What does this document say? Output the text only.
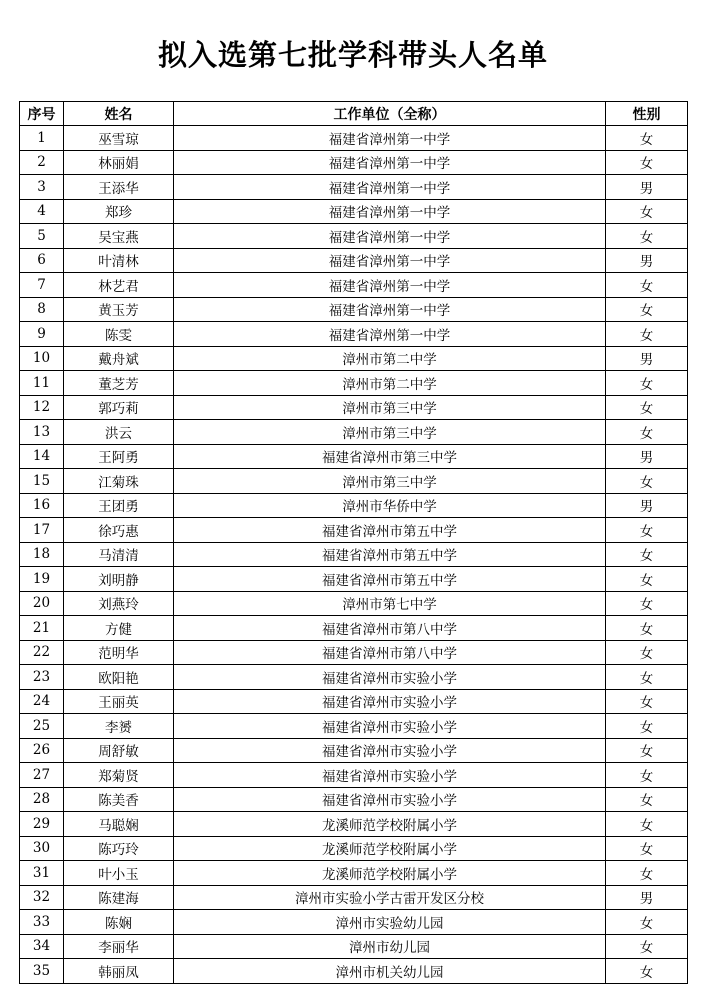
拟入选第七批学科带头人名单
序号	姓名	工作单位（全称）	性别
1	巫雪琼	福建省漳州第一中学	女
2	林丽娟	福建省漳州第一中学	女
3	王添华	福建省漳州第一中学	男
4	郑珍	福建省漳州第一中学	女
5	吴宝燕	福建省漳州第一中学	女
6	叶清林	福建省漳州第一中学	男
7	林艺君	福建省漳州第一中学	女
8	黄玉芳	福建省漳州第一中学	女
9	陈雯	福建省漳州第一中学	女
10	戴舟斌	漳州市第二中学	男
11	董芝芳	漳州市第二中学	女
12	郭巧莉	漳州市第三中学	女
13	洪云	漳州市第三中学	女
14	王阿勇	福建省漳州市第三中学	男
15	江菊珠	漳州市第三中学	女
16	王团勇	漳州市华侨中学	男
17	徐巧惠	福建省漳州市第五中学	女
18	马清清	福建省漳州市第五中学	女
19	刘明静	福建省漳州市第五中学	女
20	刘燕玲	漳州市第七中学	女
21	方健	福建省漳州市第八中学	女
22	范明华	福建省漳州市第八中学	女
23	欧阳艳	福建省漳州市实验小学	女
24	王丽英	福建省漳州市实验小学	女
25	李赟	福建省漳州市实验小学	女
26	周舒敏	福建省漳州市实验小学	女
27	郑菊贤	福建省漳州市实验小学	女
28	陈美香	福建省漳州市实验小学	女
29	马聪娴	龙溪师范学校附属小学	女
30	陈巧玲	龙溪师范学校附属小学	女
31	叶小玉	龙溪师范学校附属小学	女
32	陈建海	漳州市实验小学古雷开发区分校	男
33	陈娴	漳州市实验幼儿园	女
34	李丽华	漳州市幼儿园	女
35	韩丽凤	漳州市机关幼儿园	女
